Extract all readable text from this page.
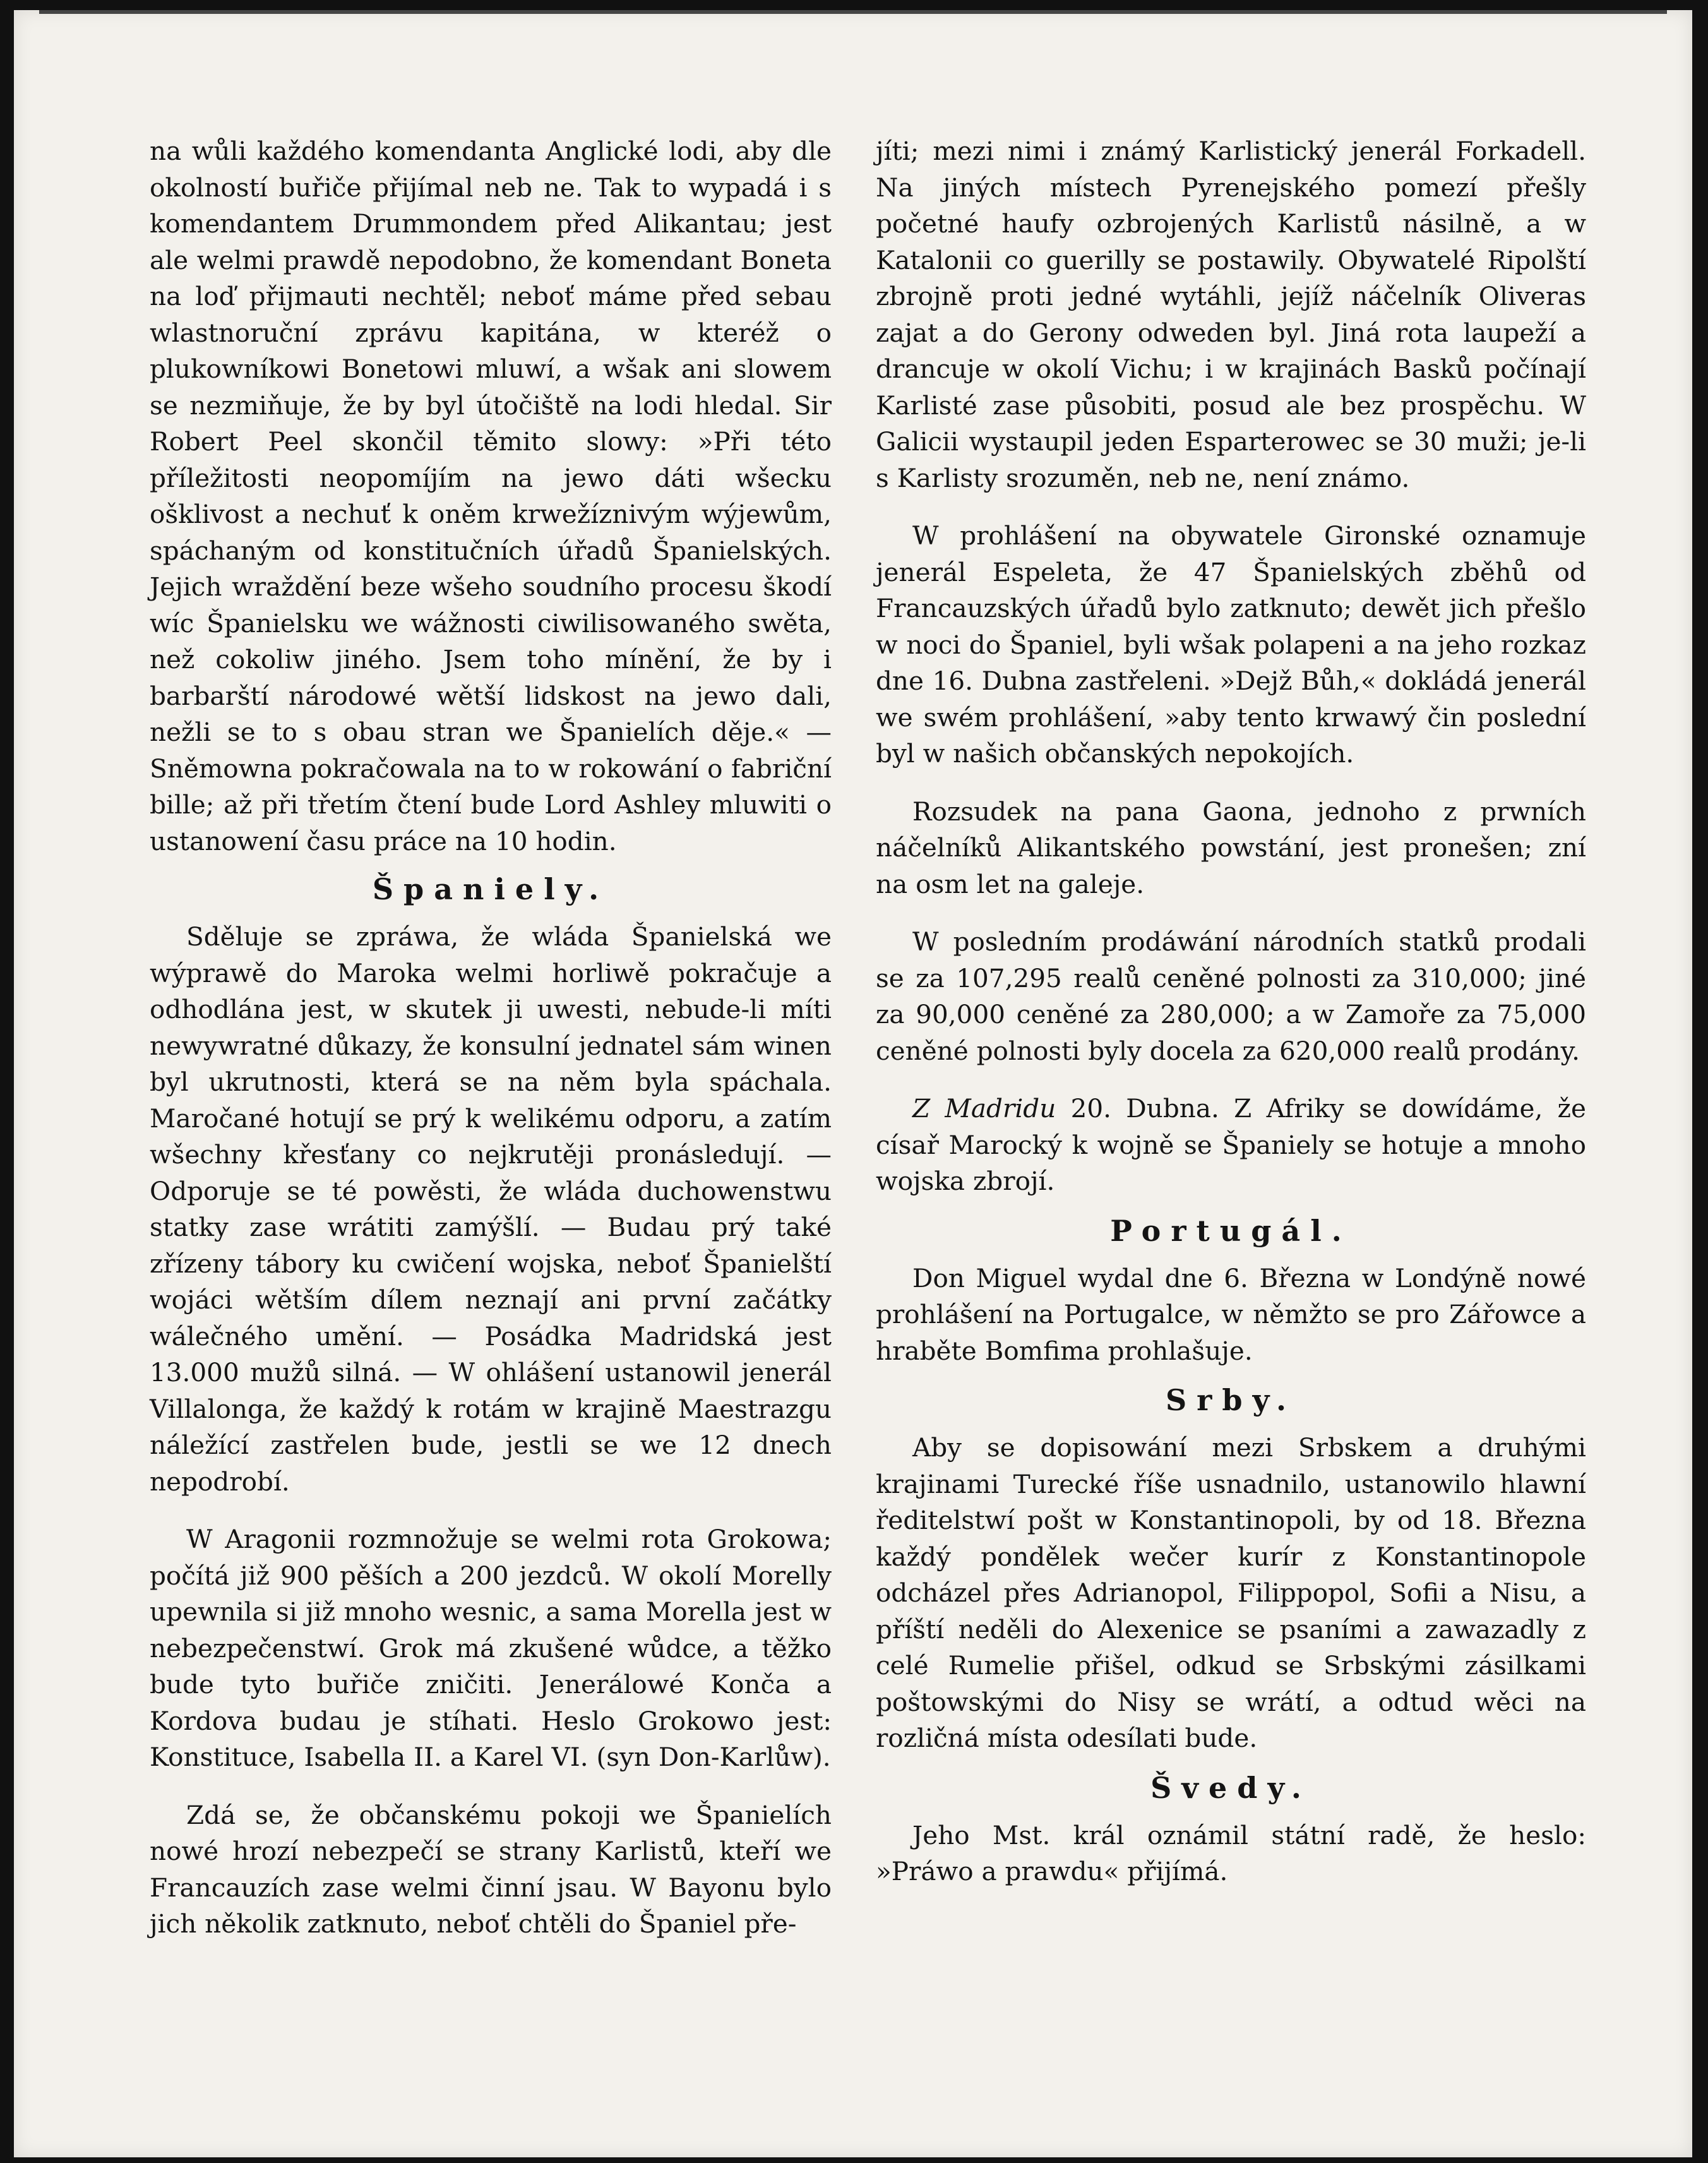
na wůli každého komendanta Anglické lodi, aby dle okolností buřiče přijímal neb ne. Tak to wypadá i s komendantem Drummondem před Alikantau; jest ale welmi prawdě nepodobno, že komendant Boneta na loď přijmauti nechtěl; neboť máme před sebau wlastnoruční zprávu kapitána, w kteréž o plukowníkowi Bonetowi mluwí, a wšak ani slowem se nezmiňuje, že by byl útočiště na lodi hledal. Sir Robert Peel skončil těmito slowy: »Při této příležitosti neopomíjím na jewo dáti wšecku ošklivost a nechuť k oněm krwežíznivým wýjewům, spáchaným od konstitučních úřadů Španielských. Jejich wraždění beze wšeho soudního procesu škodí wíc Španielsku we wážnosti ciwilisowaného swěta, než cokoliw jiného. Jsem toho mínění, že by i barbarští národowé wětší lidskost na jewo dali, nežli se to s obau stran we Španielích děje.« — Sněmowna pokračowala na to w rokowání o fabriční bille; až při třetím čtení bude Lord Ashley mluwiti o ustanowení času práce na 10 hodin.

Španiely.

Sděluje se zpráwa, že wláda Španielská we wýprawě do Maroka welmi horliwě pokračuje a odhodlána jest, w skutek ji uwesti, nebude-li míti newywratné důkazy, že konsulní jednatel sám winen byl ukrutnosti, která se na něm byla spáchala. Maročané hotují se prý k welikému odporu, a zatím wšechny křesťany co nejkrutěji pronásledují. — Odporuje se té powěsti, že wláda duchowenstwu statky zase wrátiti zamýšlí. — Budau prý také zřízeny tábory ku cwičení wojska, neboť Španielští wojáci wětším dílem neznají ani první začátky wálečného umění. — Posádka Madridská jest 13.000 mužů silná. — W ohlášení ustanowil jenerál Villalonga, že každý k rotám w krajině Maestrazgu náležící zastřelen bude, jestli se we 12 dnech nepodrobí.

W Aragonii rozmnožuje se welmi rota Grokowa; počítá již 900 pěších a 200 jezdců. W okolí Morelly upewnila si již mnoho wesnic, a sama Morella jest w nebezpečenstwí. Grok má zkušené wůdce, a těžko bude tyto buřiče zničiti. Jenerálowé Konča a Kordova budau je stíhati. Heslo Grokowo jest: Konstituce, Isabella II. a Karel VI. (syn Don-Karlůw).

Zdá se, že občanskému pokoji we Španielích nowé hrozí nebezpečí se strany Karlistů, kteří we Francauzích zase welmi činní jsau. W Bayonu bylo jich několik zatknuto, neboť chtěli do Španiel pře-

jíti; mezi nimi i známý Karlistický jenerál Forkadell. Na jiných místech Pyrenejského pomezí přešly početné haufy ozbrojených Karlistů násilně, a w Katalonii co guerilly se postawily. Obywatelé Ripolští zbrojně proti jedné wytáhli, jejíž náčelník Oliveras zajat a do Gerony odweden byl. Jiná rota laupeží a drancuje w okolí Vichu; i w krajinách Basků počínají Karlisté zase působiti, posud ale bez prospěchu. W Galicii wystaupil jeden Esparterowec se 30 muži; je-li s Karlisty srozuměn, neb ne, není známo.

W prohlášení na obywatele Gironské oznamuje jenerál Espeleta, že 47 Španielských zběhů od Francauzských úřadů bylo zatknuto; dewět jich přešlo w noci do Španiel, byli wšak polapeni a na jeho rozkaz dne 16. Dubna zastřeleni. »Dejž Bůh,« dokládá jenerál we swém prohlášení, »aby tento krwawý čin poslední byl w našich občanských nepokojích.

Rozsudek na pana Gaona, jednoho z prwních náčelníků Alikantského powstání, jest pronešen; zní na osm let na galeje.

W posledním prodáwání národních statků prodali se za 107,295 realů ceněné polnosti za 310,000; jiné za 90,000 ceněné za 280,000; a w Zamoře za 75,000 ceněné polnosti byly docela za 620,000 realů prodány.

Z Madridu 20. Dubna. Z Afriky se dowídáme, že císař Marocký k wojně se Španiely se hotuje a mnoho wojska zbrojí.

Portugál.

Don Miguel wydal dne 6. Března w Londýně nowé prohlášení na Portugalce, w němžto se pro Zářowce a hraběte Bomfima prohlašuje.

Srby.

Aby se dopisowání mezi Srbskem a druhými krajinami Turecké říše usnadnilo, ustanowilo hlawní ředitelstwí pošt w Konstantinopoli, by od 18. Března každý pondělek wečer kurír z Konstantinopole odcházel přes Adrianopol, Filippopol, Sofii a Nisu, a příští neděli do Alexenice se psaními a zawazadly z celé Rumelie přišel, odkud se Srbskými zásilkami poštowskými do Nisy se wrátí, a odtud wěci na rozličná místa odesílati bude.

Švedy.

Jeho Mst. král oznámil státní radě, že heslo: »Práwo a prawdu« přijímá.
